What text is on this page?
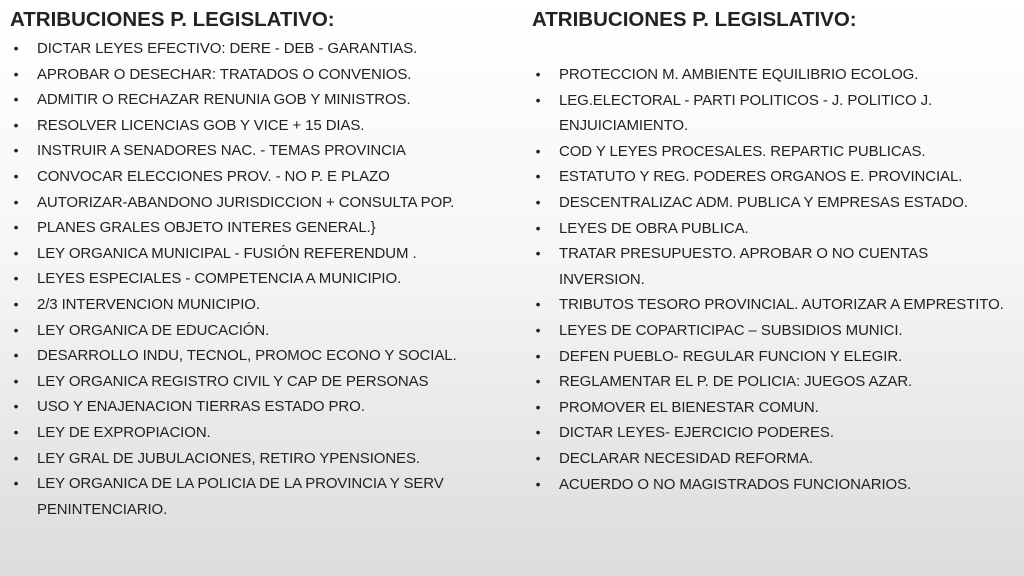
ATRIBUCIONES P. LEGISLATIVO:
• DICTAR LEYES EFECTIVO: DERE - DEB - GARANTIAS.
• APROBAR O DESECHAR: TRATADOS O CONVENIOS.
• ADMITIR O RECHAZAR RENUNIA GOB Y MINISTROS.
• RESOLVER LICENCIAS GOB Y VICE + 15 DIAS.
• INSTRUIR A SENADORES NAC. - TEMAS PROVINCIA
• CONVOCAR ELECCIONES PROV. - NO P. E PLAZO
• AUTORIZAR-ABANDONO JURISDICCION + CONSULTA POP.
• PLANES GRALES OBJETO INTERES GENERAL.}
• LEY ORGANICA MUNICIPAL - FUSIÓN REFERENDUM .
• LEYES ESPECIALES - COMPETENCIA A MUNICIPIO.
• 2/3 INTERVENCION MUNICIPIO.
• LEY ORGANICA DE EDUCACIÓN.
• DESARROLLO INDU, TECNOL, PROMOC ECONO Y SOCIAL.
• LEY ORGANICA REGISTRO CIVIL Y CAP DE PERSONAS
• USO Y ENAJENACION TIERRAS ESTADO PRO.
• LEY DE EXPROPIACION.
• LEY GRAL DE JUBULACIONES, RETIRO YPENSIONES.
• LEY ORGANICA DE LA POLICIA DE LA PROVINCIA Y SERV PENINTENCIARIO.
ATRIBUCIONES P. LEGISLATIVO:
• PROTECCION M. AMBIENTE EQUILIBRIO ECOLOG.
• LEG.ELECTORAL - PARTI POLITICOS - J. POLITICO J. ENJUICIAMIENTO.
• COD Y LEYES PROCESALES. REPARTIC PUBLICAS.
• ESTATUTO Y REG. PODERES ORGANOS E. PROVINCIAL.
• DESCENTRALIZAC ADM. PUBLICA Y EMPRESAS ESTADO.
• LEYES DE OBRA PUBLICA.
• TRATAR PRESUPUESTO. APROBAR O NO CUENTAS INVERSION.
• TRIBUTOS TESORO PROVINCIAL. AUTORIZAR A EMPRESTITO.
• LEYES DE COPARTICIPAC – SUBSIDIOS MUNICI.
• DEFEN PUEBLO- REGULAR FUNCION Y ELEGIR.
• REGLAMENTAR EL P. DE POLICIA: JUEGOS AZAR.
• PROMOVER EL BIENESTAR COMUN.
• DICTAR LEYES- EJERCICIO PODERES.
• DECLARAR NECESIDAD REFORMA.
• ACUERDO O NO MAGISTRADOS FUNCIONARIOS.
